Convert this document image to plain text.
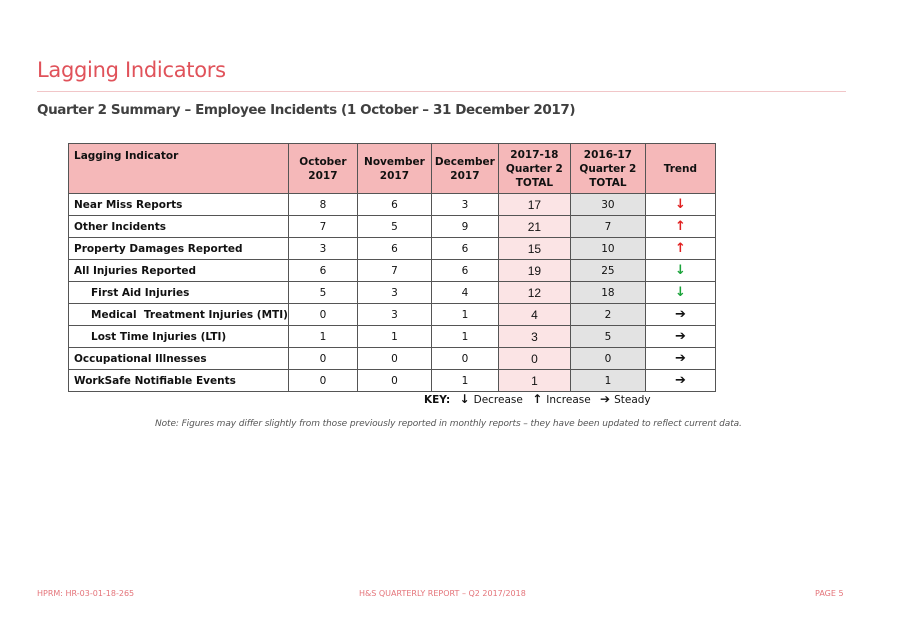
Lagging Indicators
Quarter 2 Summary – Employee Incidents (1 October – 31 December 2017)
Lagging Indicator	October 2017	November 2017	December 2017	2017-18 Quarter 2 TOTAL	2016-17 Quarter 2 TOTAL	Trend
Near Miss Reports	8	6	3	17	30	↓
Other Incidents	7	5	9	21	7	↑
Property Damages Reported	3	6	6	15	10	↑
All Injuries Reported	6	7	6	19	25	↓
First Aid Injuries	5	3	4	12	18	↓
Medical  Treatment Injuries (MTI)	0	3	1	4	2	➔
Lost Time Injuries (LTI)	1	1	1	3	5	➔
Occupational Illnesses	0	0	0	0	0	➔
WorkSafe Notifiable Events	0	0	1	1	1	➔
KEY: ↓ Decrease ↑ Increase ➔ Steady
Note: Figures may differ slightly from those previously reported in monthly reports – they have been updated to reflect current data.
HPRM: HR-03-01-18-265	H&S QUARTERLY REPORT – Q2 2017/2018	PAGE 5
